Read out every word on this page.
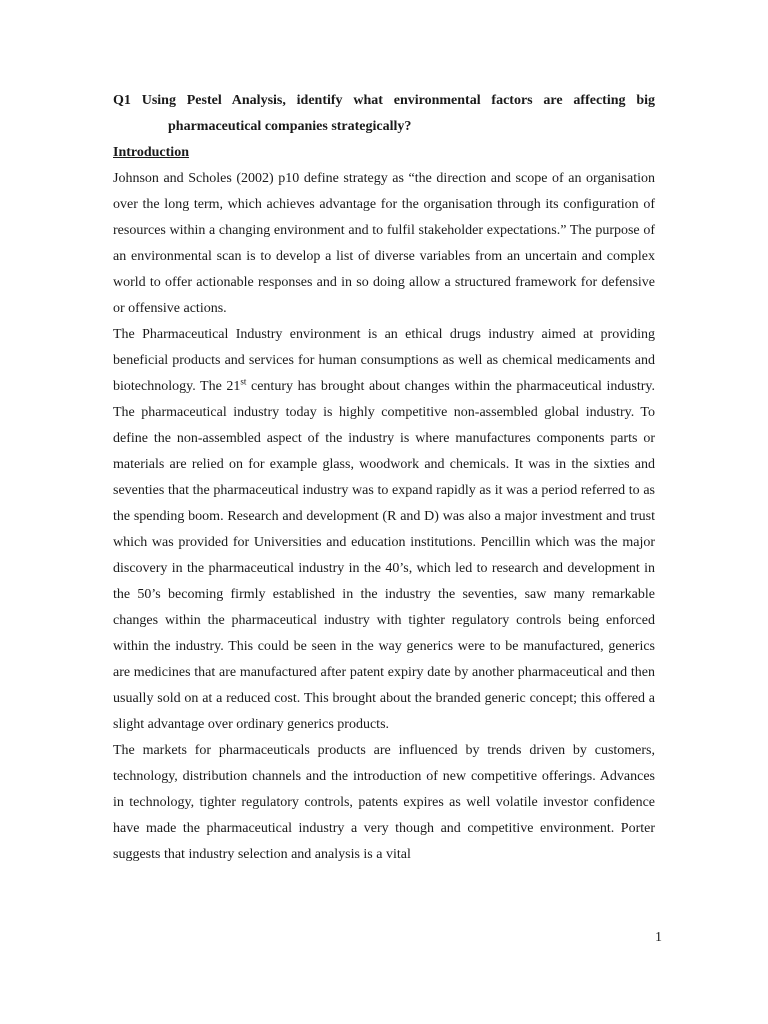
Q1 Using Pestel Analysis, identify what environmental factors are affecting big

pharmaceutical companies strategically?

Introduction

Johnson and Scholes (2002) p10 define strategy as “the direction and scope of an organisation over the long term, which achieves advantage for the organisation through its configuration of resources within a changing environment and to fulfil stakeholder expectations.” The purpose of an environmental scan is to develop a list of diverse variables from an uncertain and complex world to offer actionable responses and in so doing allow a structured framework for defensive or offensive actions.

The Pharmaceutical Industry environment is an ethical drugs industry aimed at providing beneficial products and services for human consumptions as well as chemical medicaments and biotechnology. The 21st century has brought about changes within the pharmaceutical industry. The pharmaceutical industry today is highly competitive non-assembled global industry. To define the non-assembled aspect of the industry is where manufactures components parts or materials are relied on for example glass, woodwork and chemicals. It was in the sixties and seventies that the pharmaceutical industry was to expand rapidly as it was a period referred to as the spending boom. Research and development (R and D) was also a major investment and trust which was provided for Universities and education institutions. Pencillin which was the major discovery in the pharmaceutical industry in the 40’s, which led to research and development in the 50’s becoming firmly established in the industry the seventies, saw many remarkable changes within the pharmaceutical industry with tighter regulatory controls being enforced within the industry. This could be seen in the way generics were to be manufactured, generics are medicines that are manufactured after patent expiry date by another pharmaceutical and then usually sold on at a reduced cost. This brought about the branded generic concept; this offered a slight advantage over ordinary generics products.

The markets for pharmaceuticals products are influenced by trends driven by customers, technology, distribution channels and the introduction of new competitive offerings. Advances in technology, tighter regulatory controls, patents expires as well volatile investor confidence have made the pharmaceutical industry a very though and competitive environment. Porter suggests that industry selection and analysis is a vital

1
